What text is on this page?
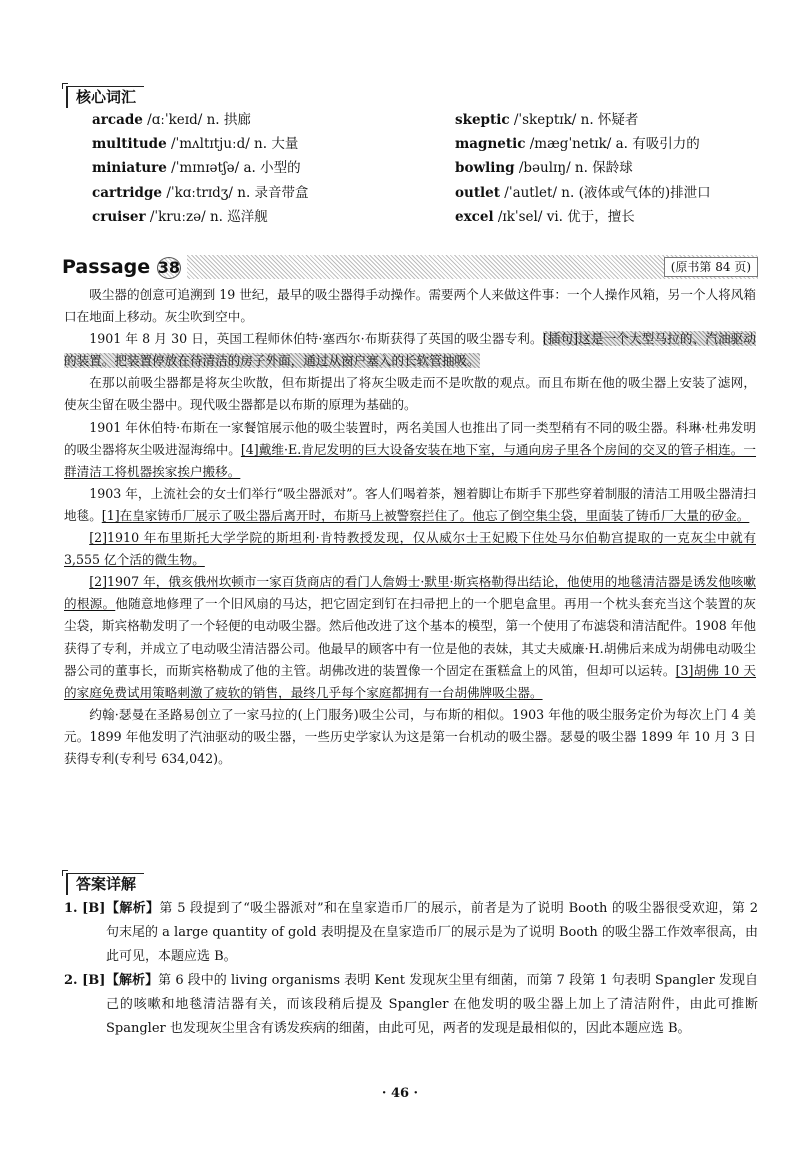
核心词汇
arcade /ɑːˈkeɪd/ n. 拱廊
multitude /ˈmʌltɪtjuːd/ n. 大量
miniature /ˈmɪnɪətʃə/ a. 小型的
cartridge /ˈkɑːtrɪdʒ/ n. 录音带盒
cruiser /ˈkruːzə/ n. 巡洋舰
skeptic /ˈskeptɪk/ n. 怀疑者
magnetic /mægˈnetɪk/ a. 有吸引力的
bowling /bəulɪŋ/ n. 保龄球
outlet /ˈautlet/ n. (液体或气体的)排泄口
excel /ɪkˈsel/ vi. 优于，擅长
Passage 38	(原书第 84 页)

吸尘器的创意可追溯到 19 世纪，最早的吸尘器得手动操作。需要两个人来做这件事：一个人操作风箱，另一个人将风箱口在地面上移动。灰尘吹到空中。

1901 年 8 月 30 日，英国工程师休伯特·塞西尔·布斯获得了英国的吸尘器专利。[插句]这是一个大型马拉的、汽油驱动的装置。把装置停放在待清洁的房子外面，通过从窗户塞入的长软管抽吸。

在那以前吸尘器都是将灰尘吹散，但布斯提出了将灰尘吸走而不是吹散的观点。而且布斯在他的吸尘器上安装了滤网，使灰尘留在吸尘器中。现代吸尘器都是以布斯的原理为基础的。

1901 年休伯特·布斯在一家餐馆展示他的吸尘装置时，两名美国人也推出了同一类型稍有不同的吸尘器。科琳·杜弗发明的吸尘器将灰尘吸进湿海绵中。[4]戴维·E.肯尼发明的巨大设备安装在地下室，与通向房子里各个房间的交叉的管子相连。一群清洁工将机器挨家挨户搬移。

1903 年，上流社会的女士们举行“吸尘器派对”。客人们喝着茶，翘着脚让布斯手下那些穿着制服的清洁工用吸尘器清扫地毯。[1]在皇家铸币厂展示了吸尘器后离开时，布斯马上被警察拦住了。他忘了倒空集尘袋，里面装了铸币厂大量的矽金。

[2]1910 年布里斯托大学学院的斯坦利·肯特教授发现，仅从威尔士王妃殿下住处马尔伯勒宫提取的一克灰尘中就有 3,555 亿个活的微生物。

[2]1907 年，俄亥俄州坎顿市一家百货商店的看门人詹姆士·默里·斯宾格勒得出结论，他使用的地毯清洁器是诱发他咳嗽的根源。他随意地修理了一个旧风扇的马达，把它固定到钉在扫帚把上的一个肥皂盒里。再用一个枕头套充当这个装置的灰尘袋，斯宾格勒发明了一个轻便的电动吸尘器。然后他改进了这个基本的模型，第一个使用了布滤袋和清洁配件。1908 年他获得了专利，并成立了电动吸尘清洁器公司。他最早的顾客中有一位是他的表妹，其丈夫威廉·H.胡佛后来成为胡佛电动吸尘器公司的董事长，而斯宾格勒成了他的主管。胡佛改进的装置像一个固定在蛋糕盒上的风笛，但却可以运转。[3]胡佛 10 天的家庭免费试用策略刺激了疲软的销售，最终几乎每个家庭都拥有一台胡佛牌吸尘器。

约翰·瑟曼在圣路易创立了一家马拉的(上门服务)吸尘公司，与布斯的相似。1903 年他的吸尘服务定价为每次上门 4 美元。1899 年他发明了汽油驱动的吸尘器，一些历史学家认为这是第一台机动的吸尘器。瑟曼的吸尘器 1899 年 10 月 3 日获得专利(专利号 634,042)。

答案详解
1. [B] 【解析】第 5 段提到了“吸尘器派对”和在皇家造币厂的展示，前者是为了说明 Booth 的吸尘器很受欢迎，第 2 句末尾的 a large quantity of gold 表明提及在皇家造币厂的展示是为了说明 Booth 的吸尘器工作效率很高，由此可见，本题应选 B。
2. [B] 【解析】第 6 段中的 living organisms 表明 Kent 发现灰尘里有细菌，而第 7 段第 1 句表明 Spangler 发现自己的咳嗽和地毯清洁器有关，而该段稍后提及 Spangler 在他发明的吸尘器上加上了清洁附件，由此可推断 Spangler 也发现灰尘里含有诱发疾病的细菌，由此可见，两者的发现是最相似的，因此本题应选 B。
· 46 ·
